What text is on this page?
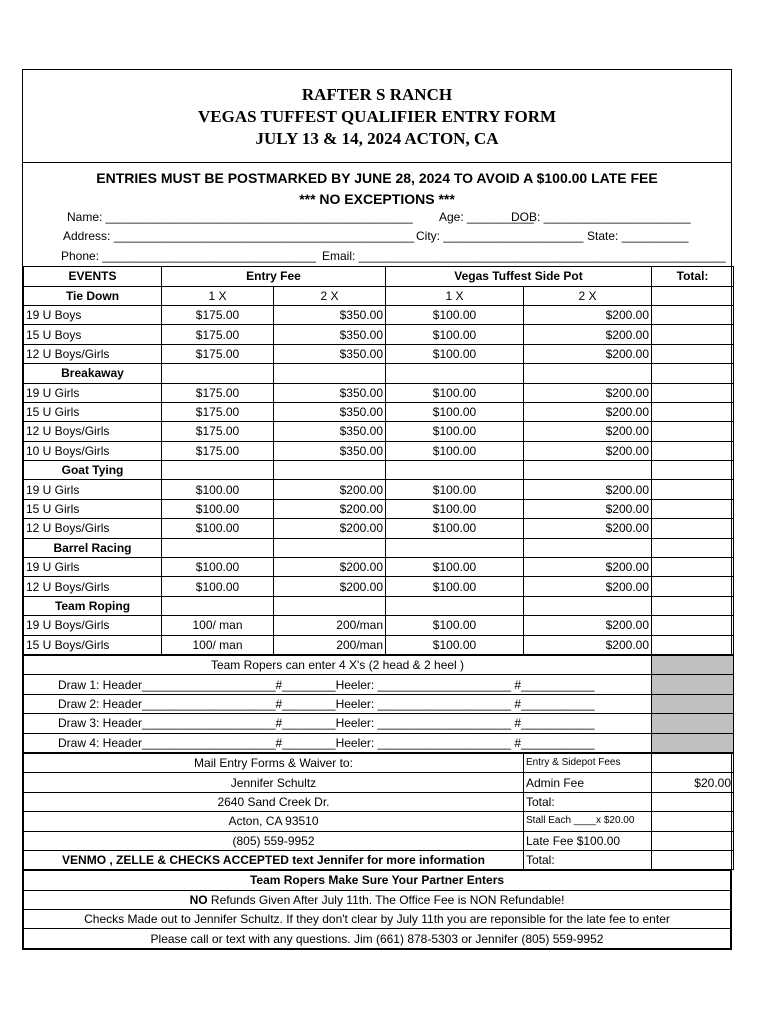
RAFTER S RANCH
VEGAS TUFFEST QUALIFIER ENTRY FORM
JULY 13 & 14, 2024 ACTON, CA
ENTRIES MUST BE POSTMARKED BY JUNE 28, 2024 TO AVOID A $100.00 LATE FEE
*** NO EXCEPTIONS ***
Name: ______________________________________________ Age: __________
DOB: ______________________
Address: _____________________________________________ City: _____________________ State: __________
Phone: ________________________________ Email: _______________________________________________________
EVENTS	Entry Fee		Vegas Tuffest Side Pot		Total:
Tie Down	1 X	2 X	1 X	2 X	
19 U Boys	$175.00	$350.00	$100.00	$200.00	
15 U Boys	$175.00	$350.00	$100.00	$200.00	
12 U Boys/Girls	$175.00	$350.00	$100.00	$200.00	
Breakaway					
19 U Girls	$175.00	$350.00	$100.00	$200.00	
15 U Girls	$175.00	$350.00	$100.00	$200.00	
12 U Boys/Girls	$175.00	$350.00	$100.00	$200.00	
10 U Boys/Girls	$175.00	$350.00	$100.00	$200.00	
Goat Tying					
19 U Girls	$100.00	$200.00	$100.00	$200.00	
15 U Girls	$100.00	$200.00	$100.00	$200.00	
12 U Boys/Girls	$100.00	$200.00	$100.00	$200.00	
Barrel Racing					
19 U Girls	$100.00	$200.00	$100.00	$200.00	
12 U Boys/Girls	$100.00	$200.00	$100.00	$200.00	
Team Roping					
19 U Boys/Girls	100/ man	200/man	$100.00	$200.00	
15 U Boys/Girls	100/ man	200/man	$100.00	$200.00	
Team Ropers can enter 4 X's (2 head & 2 heel )	
Draw 1: Header____________________#________Heeler: ____________________ #___________	
Draw 2: Header____________________#________Heeler: ____________________ #___________	
Draw 3: Header____________________#________Heeler: ____________________ #___________	
Draw 4: Header____________________#________Heeler: ____________________ #___________	
Mail Entry Forms & Waiver to:	Entry & Sidepot Fees	
Jennifer Schultz	Admin Fee	$20.00
2640 Sand Creek Dr.	Total:	
Acton, CA 93510	Stall Each ____x $20.00	
(805) 559-9952	Late Fee $100.00	
VENMO , ZELLE & CHECKS ACCEPTED text Jennifer for more information	Total:	
Team Ropers Make Sure Your Partner Enters
NO Refunds Given After July 11th. The Office Fee is NON Refundable!
Checks Made out to Jennifer Schultz. If they don't clear by July 11th you are reponsible for the late fee to enter
Please call or text with any questions. Jim (661) 878-5303 or Jennifer (805) 559-9952
